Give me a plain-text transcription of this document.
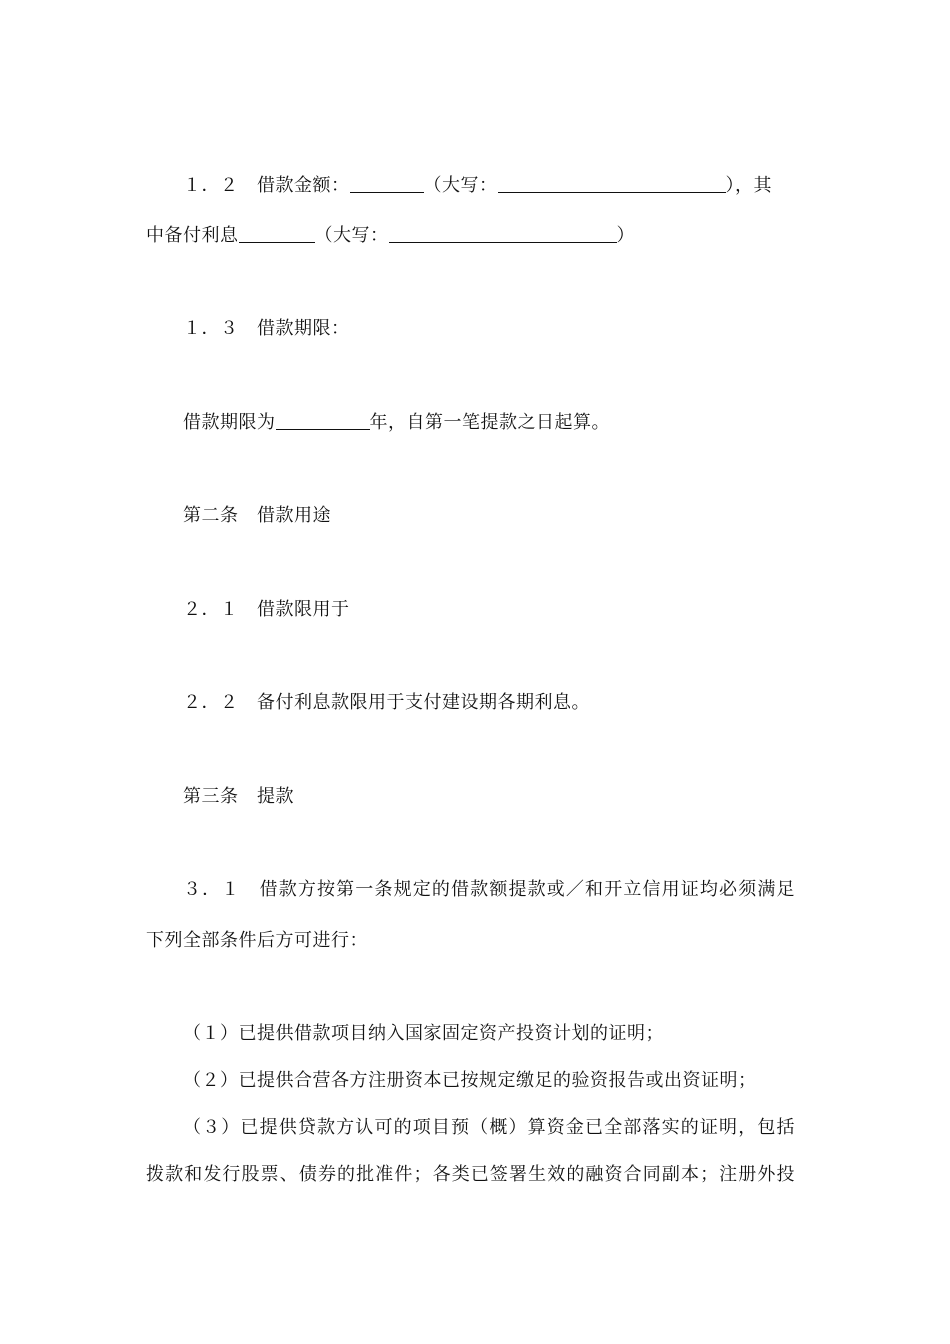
１．２　借款金额：	（大写：	），其
中备付利息	（大写：	）
１．３　借款期限：
借款期限为	年，自第一笔提款之日起算。
第二条　借款用途
２．１　借款限用于
２．２　备付利息款限用于支付建设期各期利息。
第三条　提款
３．１　借款方按第一条规定的借款额提款或／和开立信用证均必须满足
下列全部条件后方可进行：
（１）已提供借款项目纳入国家固定资产投资计划的证明；
（２）已提供合营各方注册资本已按规定缴足的验资报告或出资证明；
（３）已提供贷款方认可的项目预（概）算资金已全部落实的证明，包括
拨款和发行股票、债券的批准件；各类已签署生效的融资合同副本；注册外投
